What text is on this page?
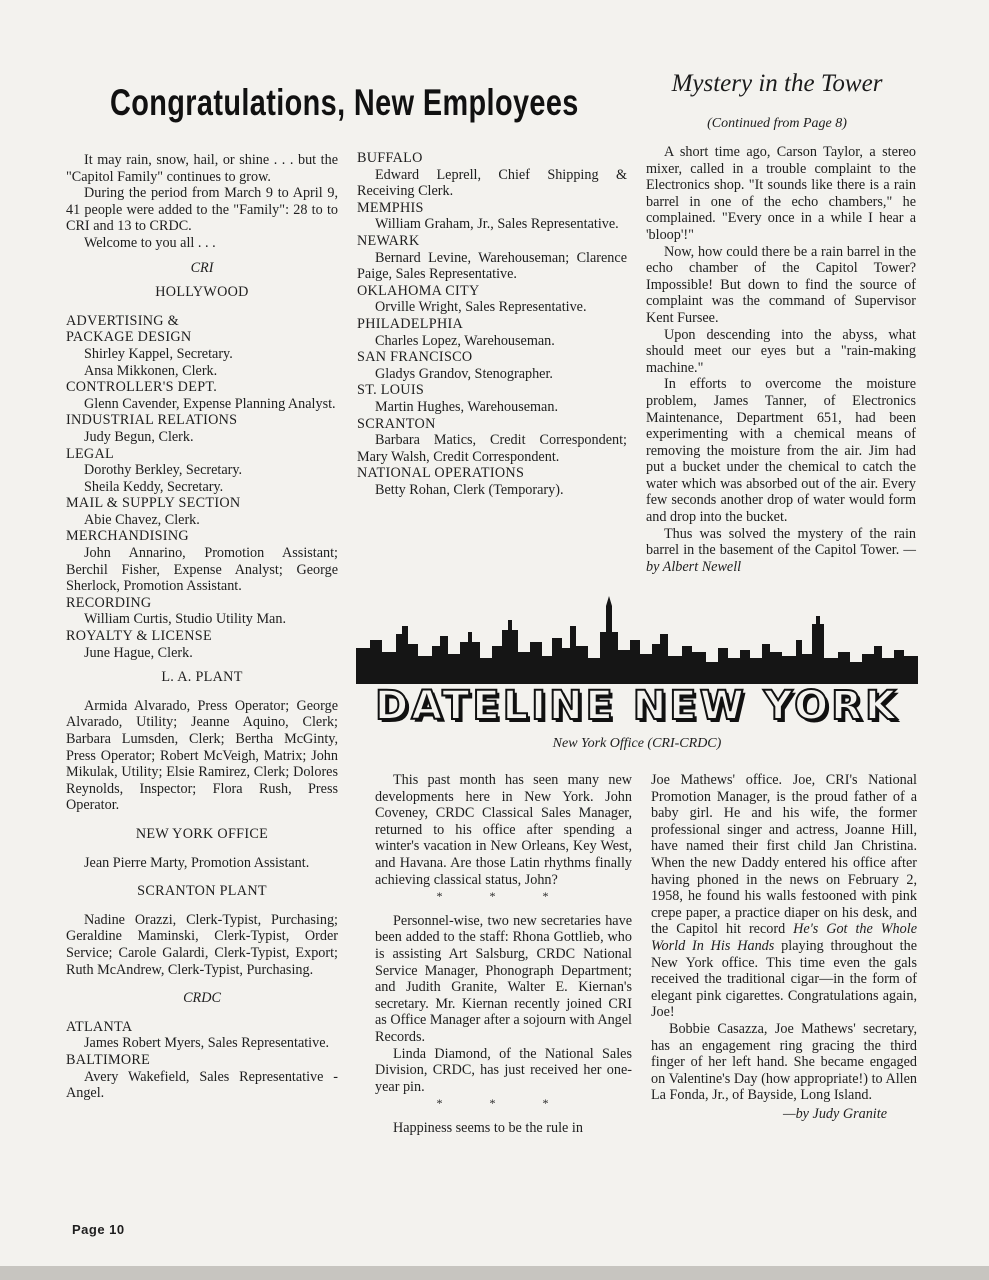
Congratulations, New Employees

It may rain, snow, hail, or shine . . . but the "Capitol Family" continues to grow.

During the period from March 9 to April 9, 41 people were added to the "Family": 28 to to CRI and 13 to CRDC.

Welcome to you all . . .

CRI

HOLLYWOOD

ADVERTISING & PACKAGE DESIGN

Shirley Kappel, Secretary.

Ansa Mikkonen, Clerk.

CONTROLLER'S DEPT.

Glenn Cavender, Expense Planning Analyst.

INDUSTRIAL RELATIONS

Judy Begun, Clerk.

LEGAL

Dorothy Berkley, Secretary.

Sheila Keddy, Secretary.

MAIL & SUPPLY SECTION

Abie Chavez, Clerk.

MERCHANDISING

John Annarino, Promotion Assistant; Berchil Fisher, Expense Analyst; George Sherlock, Promotion Assistant.

RECORDING

William Curtis, Studio Utility Man.

ROYALTY & LICENSE

June Hague, Clerk.

L. A. PLANT

Armida Alvarado, Press Operator; George Alvarado, Utility; Jeanne Aquino, Clerk; Barbara Lumsden, Clerk; Bertha McGinty, Press Operator; Robert McVeigh, Matrix; John Mikulak, Utility; Elsie Ramirez, Clerk; Dolores Reynolds, Inspector; Flora Rush, Press Operator.

NEW YORK OFFICE

Jean Pierre Marty, Promotion Assistant.

SCRANTON PLANT

Nadine Orazzi, Clerk-Typist, Purchasing; Geraldine Maminski, Clerk-Typist, Order Service; Carole Galardi, Clerk-Typist, Export; Ruth McAndrew, Clerk-Typist, Purchasing.

CRDC

ATLANTA

James Robert Myers, Sales Representative.

BALTIMORE

Avery Wakefield, Sales Representative - Angel.

BUFFALO

Edward Leprell, Chief Shipping & Receiving Clerk.

MEMPHIS

William Graham, Jr., Sales Representative.

NEWARK

Bernard Levine, Warehouseman; Clarence Paige, Sales Representative.

OKLAHOMA CITY

Orville Wright, Sales Representative.

PHILADELPHIA

Charles Lopez, Warehouseman.

SAN FRANCISCO

Gladys Grandov, Stenographer.

ST. LOUIS

Martin Hughes, Warehouseman.

SCRANTON

Barbara Matics, Credit Correspondent; Mary Walsh, Credit Correspondent.

NATIONAL OPERATIONS

Betty Rohan, Clerk (Temporary).

Mystery in the Tower
(Continued from Page 8)

A short time ago, Carson Taylor, a stereo mixer, called in a trouble complaint to the Electronics shop. "It sounds like there is a rain barrel in one of the echo chambers," he complained. "Every once in a while I hear a 'bloop'!"

Now, how could there be a rain barrel in the echo chamber of the Capitol Tower? Impossible! But down to find the source of complaint was the command of Supervisor Kent Fursee.

Upon descending into the abyss, what should meet our eyes but a "rain-making machine."

In efforts to overcome the moisture problem, James Tanner, of Electronics Maintenance, Department 651, had been experimenting with a chemical means of removing the moisture from the air. Jim had put a bucket under the chemical to catch the water which was absorbed out of the air. Every few seconds another drop of water would form and drop into the bucket.

Thus was solved the mystery of the rain barrel in the basement of the Capitol Tower. —by Albert Newell

DATELINE NEW YORK
New York Office (CRI-CRDC)

This past month has seen many new developments here in New York. John Coveney, CRDC Classical Sales Manager, returned to his office after spending a winter's vacation in New Orleans, Key West, and Havana. Are those Latin rhythms finally achieving classical status, John?

* * *

Personnel-wise, two new secretaries have been added to the staff: Rhona Gottlieb, who is assisting Art Salsburg, CRDC National Service Manager, Phonograph Department; and Judith Granite, Walter E. Kiernan's secretary. Mr. Kiernan recently joined CRI as Office Manager after a sojourn with Angel Records.

Linda Diamond, of the National Sales Division, CRDC, has just received her one-year pin.

* * *

Happiness seems to be the rule in

Joe Mathews' office. Joe, CRI's National Promotion Manager, is the proud father of a baby girl. He and his wife, the former professional singer and actress, Joanne Hill, have named their first child Jan Christina. When the new Daddy entered his office after having phoned in the news on February 2, 1958, he found his walls festooned with pink crepe paper, a practice diaper on his desk, and the Capitol hit record He's Got the Whole World In His Hands playing throughout the New York office. This time even the gals received the traditional cigar—in the form of elegant pink cigarettes. Congratulations again, Joe!

Bobbie Casazza, Joe Mathews' secretary, has an engagement ring gracing the third finger of her left hand. She became engaged on Valentine's Day (how appropriate!) to Allen La Fonda, Jr., of Bayside, Long Island.

—by Judy Granite

Page 10
